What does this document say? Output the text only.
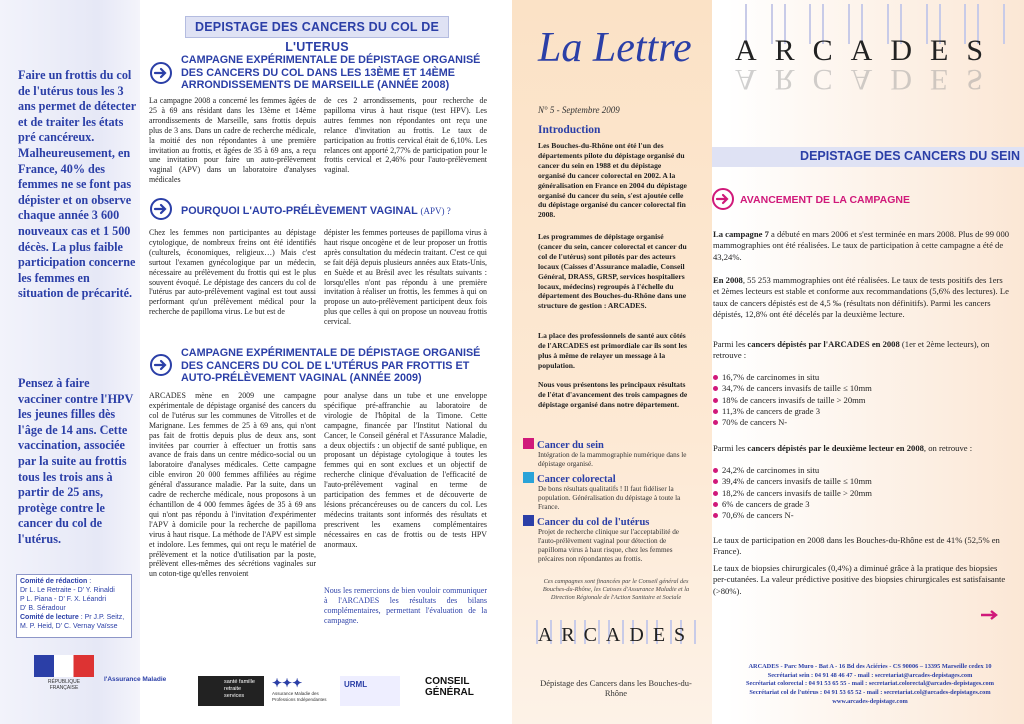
Faire un frottis du col de l'utérus tous les 3 ans permet de détecter et de traiter les états pré cancéreux. Malheureusement, en France, 40% des femmes ne se font pas dépister et on observe chaque année 3 600 nouveaux cas et 1 500 décès. La plus faible participation concerne les femmes en situation de précarité.
Pensez à faire vacciner contre l'HPV les jeunes filles dès l'âge de 14 ans. Cette vaccination, associée par la suite au frottis tous les trois ans à partir de 25 ans, protège contre le cancer du col de l'utérus.
Comité de rédaction :
Dr L. Le Retraite - D' Y. Rinaldi
P L. Piana - D' F. X. Léandri
D' B. Séradour
Comité de lecture : Pr J.P. Seitz,
M. P. Heid, D' C. Vernay Vaïsse
DEPISTAGE DES CANCERS DU COL DE L'UTERUS
CAMPAGNE EXPÉRIMENTALE DE DÉPISTAGE ORGANISÉ DES CANCERS DU COL DANS LES 13ÈME ET 14ÈME ARRONDISSEMENTS DE MARSEILLE (ANNÉE 2008)
La campagne 2008 a concerné les femmes âgées de 25 à 69 ans résidant dans les 13ème et 14ème arrondissements de Marseille, sans frottis depuis plus de 3 ans. Dans un cadre de recherche médicale, la moitié des non répondantes à une première invitation au frottis, et âgées de 35 à 69 ans, a reçu une invitation pour faire un auto-prélèvement vaginal (APV) dans un laboratoire d'analyses médicales
de ces 2 arrondissements, pour recherche de papilloma virus à haut risque (test HPV). Les autres femmes non répondantes ont reçu une relance d'invitation au frottis. Le taux de participation au frottis cervical était de 6,10%. Les relances ont apporté 2,77% de participation pour le frottis cervical et 2,46% pour l'auto-prélèvement vaginal.
POURQUOI L'AUTO-PRÉLÈVEMENT VAGINAL (APV) ?
Chez les femmes non participantes au dépistage cytologique, de nombreux freins ont été identifiés (culturels, économiques, religieux…) Mais c'est surtout l'examen gynécologique par un médecin, nécessaire au prélèvement du frottis qui est le plus souvent évoqué. Le dépistage des cancers du col de l'utérus par auto-prélèvement vaginal est tout aussi performant qu'un prélèvement médical pour la recherche de papilloma virus. Le but est de
dépister les femmes porteuses de papilloma virus à haut risque oncogène et de leur proposer un frottis après consultation du médecin traitant. C'est ce qui se fait déjà depuis plusieurs années aux Etats-Unis, en Suède et au Brésil avec les résultats suivants : lorsqu'elles n'ont pas répondu à une première invitation à réaliser un frottis, les femmes à qui on propose un auto-prélèvement participent deux fois plus que celles à qui on propose un nouveau frottis cervical.
CAMPAGNE EXPÉRIMENTALE DE DÉPISTAGE ORGANISÉ DES CANCERS DU COL DE L'UTÉRUS PAR FROTTIS ET AUTO-PRÉLÈVEMENT VAGINAL (ANNÉE 2009)
ARCADES mène en 2009 une campagne expérimentale de dépistage organisé des cancers du col de l'utérus sur les communes de Vitrolles et de Marignane. Les femmes de 25 à 69 ans, qui n'ont pas fait de frottis depuis plus de deux ans, sont invitées par courrier à effectuer un frottis sans avance de frais dans un centre médico-social ou un laboratoire d'analyses médicales. Cette campagne cible environ 20 000 femmes affiliées au régime général d'assurance maladie. Par la suite, dans un cadre de recherche médicale, nous proposons à un échantillon de 4 000 femmes âgées de 35 à 69 ans qui n'ont pas répondu à l'invitation d'expérimenter l'APV à domicile pour la recherche de papilloma virus à haut risque. La méthode de l'APV est simple et indolore. Les femmes, qui ont reçu le matériel de prélèvement et la notice d'utilisation par la poste, prélèvent elles-mêmes des sécrétions vaginales sur un coton-tige qu'elles renvoient
pour analyse dans un tube et une enveloppe spécifique pré-affranchie au laboratoire de virologie de l'hôpital de la Timone. Cette campagne, financée par l'Institut National du Cancer, le Conseil général et l'Assurance Maladie, a deux objectifs : un objectif de santé publique, en proposant un dépistage cytologique à toutes les femmes qui en sont exclues et un objectif de recherche clinique d'évaluation de l'efficacité de l'auto-prélèvement vaginal en terme de participation des femmes et de découverte de lésions précancéreuses ou de cancers du col. Les médecins traitants sont informés des résultats et prescrivent les examens complémentaires nécessaires en cas de frottis ou de tests HPV anormaux.
Nous les remercions de bien vouloir communiquer à l'ARCADES les résultats des bilans complémentaires, permettant l'évaluation de la campagne.
RÉPUBLIQUE FRANÇAISE
l'Assurance Maladie	santé famille retraite services
✦✦✦
Assurance Maladie des Professions Indépendantes
URML	CONSEIL GÉNÉRAL
La Lettre ARCADES
ARCADES
N° 5 - Septembre 2009
Introduction
Les Bouches-du-Rhône ont été l'un des départements pilote du dépistage organisé du cancer du sein en 1988 et du dépistage organisé du cancer colorectal en 2002. A la généralisation en France en 2004 du dépistage organisé du cancer du sein, s'est ajoutée celle du dépistage organisé du cancer colorectal fin 2008.
Les programmes de dépistage organisé (cancer du sein, cancer colorectal et cancer du col de l'utérus) sont pilotés par des acteurs locaux (Caisses d'Assurance maladie, Conseil Général, DRASS, GRSP, services hospitaliers locaux, médecins) regroupés à l'échelle du département des Bouches-du-Rhône dans une structure de gestion : ARCADES.
La place des professionnels de santé aux côtés de l'ARCADES est primordiale car ils sont les plus à même de relayer un message à la population.
Nous vous présentons les principaux résultats de l'état d'avancement des trois campagnes de dépistage organisé dans notre département.
Cancer du sein
Intégration de la mammographie numérique dans le dépistage organisé.
Cancer colorectal
De bons résultats qualitatifs ! Il faut fidéliser la population. Généralisation du dépistage à toute la France.
Cancer du col de l'utérus
Projet de recherche clinique sur l'acceptabilité de l'auto-prélèvement vaginal pour détection de papilloma virus à haut risque, chez les femmes précaires non répondantes au frottis.
Ces campagnes sont financées par le Conseil général des Bouches-du-Rhône, les Caisses d'Assurance Maladie et la Direction Régionale de l'Action Sanitaire et Sociale
ARCADES
Dépistage des Cancers dans les Bouches-du-Rhône
DEPISTAGE DES CANCERS DU SEIN
AVANCEMENT DE LA CAMPAGNE
La campagne 7 a débuté en mars 2006 et s'est terminée en mars 2008. Plus de 99 000 mammographies ont été réalisées. Le taux de participation à cette campagne a été de 43,24%.
En 2008, 55 253 mammographies ont été réalisées. Le taux de tests positifs des 1ers et 2èmes lecteurs est stable et conforme aux recommandations (5,6% des lectures). Le taux de cancers dépistés est de 4,5 ‰ (résultats non définitifs). Parmi les cancers dépistés, 12,8% ont été décelés par la deuxième lecture.
Parmi les cancers dépistés par l'ARCADES en 2008 (1er et 2ème lecteurs), on retrouve :
16,7% de carcinomes in situ
34,7% de cancers invasifs de taille ≤ 10mm
18% de cancers invasifs de taille > 20mm
11,3% de cancers de grade 3
70% de cancers N-
Parmi les cancers dépistés par le deuxième lecteur en 2008, on retrouve :
24,2% de carcinomes in situ
39,4% de cancers invasifs de taille ≤ 10mm
18,2% de cancers invasifs de taille > 20mm
6% de cancers de grade 3
70,6% de cancers N-
Le taux de participation en 2008 dans les Bouches-du-Rhône est de 41% (52,5% en France).
Le taux de biopsies chirurgicales (0,4%) a diminué grâce à la pratique des biopsies per-cutanées. La valeur prédictive positive des biopsies chirurgicales est satisfaisante (>80%).
ARCADES - Parc Muro - Bat A - 16 Bd des Aciéries - CS 90006 – 13395 Marseille cedex 10
Secrétariat sein : 04 91 48 46 47 - mail : secretariat@arcades-depistages.com
Secrétariat colorectal : 04 91 53 65 55 - mail : secretariat.colorectal@arcades-depistages.com
Secrétariat col de l'utérus : 04 91 53 65 52 - mail : secretariat.col@arcades-depistages.com
www.arcades-depistage.com
